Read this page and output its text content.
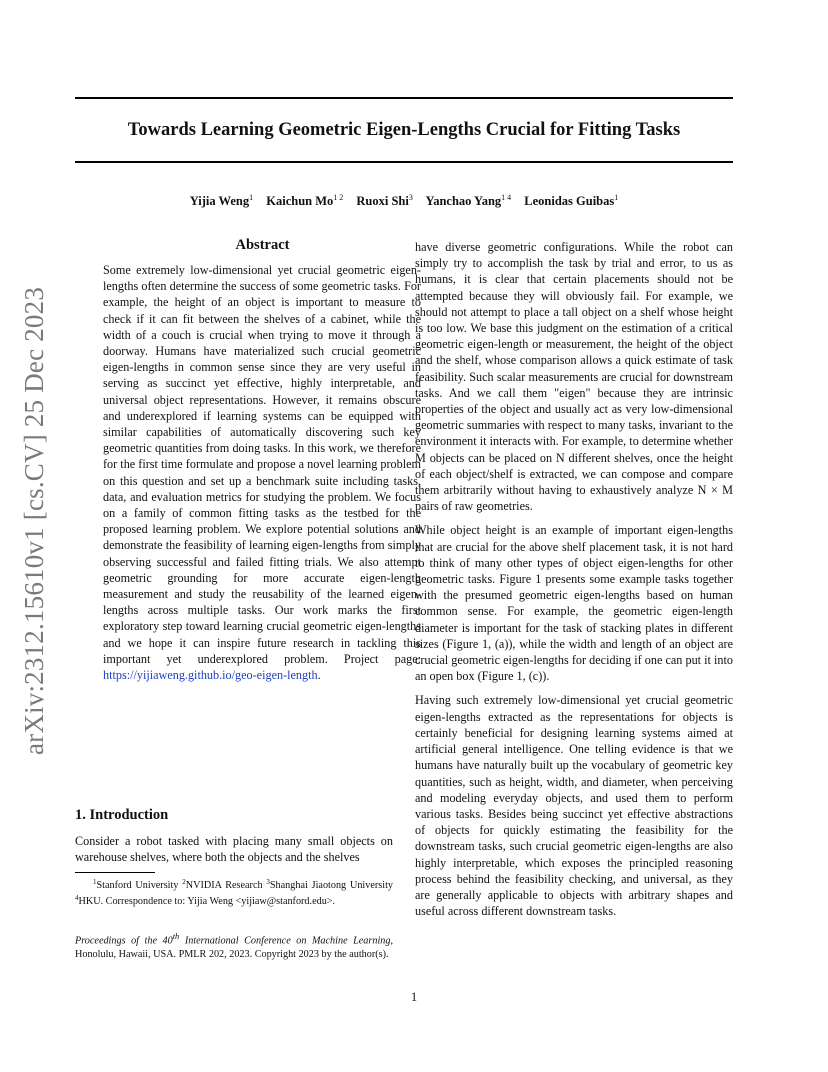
Towards Learning Geometric Eigen-Lengths Crucial for Fitting Tasks
Yijia Weng$^1$ Kaichun $Mo^{1 2}$ Ruoxi Shi$^3$ Yanchao Yang$^{1 4}$ Leonidas Guibas$^1$
arXiv:2312.15610v1 [cs.CV] 25 Dec 2023
Abstract
Some extremely low-dimensional yet crucial geometric eigen-lengths often determine the success of some geometric tasks. For example, the height of an object is important to measure to check if it can fit between the shelves of a cabinet, while the width of a couch is crucial when trying to move it through a doorway. Humans have materialized such crucial geometric eigen-lengths in common sense since they are very useful in serving as succinct yet effective, highly interpretable, and universal object representations. However, it remains obscure and underexplored if learning systems can be equipped with similar capabilities of automatically discovering such key geometric quantities from doing tasks. In this work, we therefore for the first time formulate and propose a novel learning problem on this question and set up a benchmark suite including tasks, data, and evaluation metrics for studying the problem. We focus on a family of common fitting tasks as the testbed for the proposed learning problem. We explore potential solutions and demonstrate the feasibility of learning eigen-lengths from simply observing successful and failed fitting trials. We also attempt geometric grounding for more accurate eigen-length measurement and study the reusability of the learned eigen-lengths across multiple tasks. Our work marks the first exploratory step toward learning crucial geometric eigen-lengths and we hope it can inspire future research in tackling this important yet underexplored problem. Project page: https://yijiaweng.github.io/geo-eigen-length.
1. Introduction
Consider a robot tasked with placing many small objects on warehouse shelves, where both the objects and the shelves
$^1$Stanford University $^2$NVIDIA Research $^3$Shanghai Jiaotong University $^4$HKU. Correspondence to: Yijia Weng <yijiaw@stanford.edu>.
Proceedings of the 40th International Conference on Machine Learning, Honolulu, Hawaii, USA. PMLR 202, 2023. Copyright 2023 by the author(s).

have diverse geometric configurations. While the robot can simply try to accomplish the task by trial and error, to us as humans, it is clear that certain placements should not be attempted because they will obviously fail. For example, we should not attempt to place a tall object on a shelf whose height is too low. We base this judgment on the estimation of a critical geometric eigen-length or measurement, the height of the object and the shelf, whose comparison allows a quick estimate of task feasibility. Such scalar measurements are crucial for downstream tasks. And we call them "eigen" because they are intrinsic properties of the object and usually act as very low-dimensional geometric summaries with respect to many tasks, invariant to the environment it interacts with. For example, to determine whether M objects can be placed on N different shelves, once the height of each object/shelf is extracted, we can compose and compare them arbitrarily without having to exhaustively analyze N × M pairs of raw geometries.

While object height is an example of important eigen-lengths that are crucial for the above shelf placement task, it is not hard to think of many other types of object eigen-lengths for other geometric tasks. Figure 1 presents some example tasks together with the presumed geometric eigen-lengths based on human common sense. For example, the geometric eigen-length diameter is important for the task of stacking plates in different sizes (Figure 1, (a)), while the width and length of an object are crucial geometric eigen-lengths for deciding if one can put it into an open box (Figure 1, (c)).

Having such extremely low-dimensional yet crucial geometric eigen-lengths extracted as the representations for objects is certainly beneficial for designing learning systems aimed at artificial general intelligence. One telling evidence is that we humans have naturally built up the vocabulary of geometric key quantities, such as height, width, and diameter, when perceiving and modeling everyday objects, and used them to perform various tasks. Besides being succinct yet effective abstractions of objects for quickly estimating the feasibility for the downstream tasks, such crucial geometric eigen-lengths are also highly interpretable, which exposes the principled reasoning process behind the feasibility checking, and universal, as they are generally applicable to objects with arbitrary shapes and useful across different downstream tasks.

1
